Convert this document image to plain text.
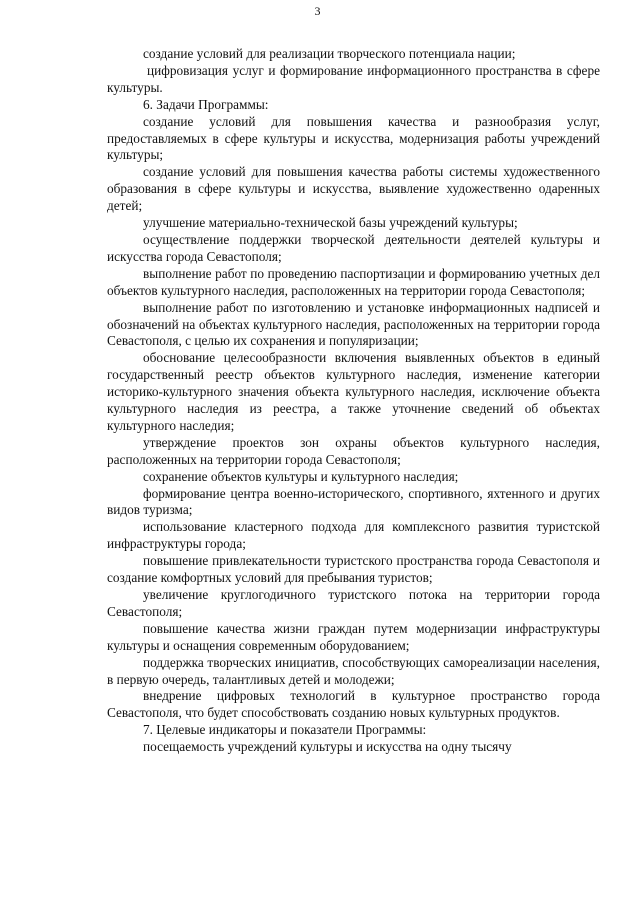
3

создание условий для реализации творческого потенциала нации;

цифровизация услуг и формирование информационного пространства в сфере культуры.

6. Задачи Программы:

создание условий для повышения качества и разнообразия услуг, предоставляемых в сфере культуры и искусства, модернизация работы учреждений культуры;

создание условий для повышения качества работы системы художественного образования в сфере культуры и искусства, выявление художественно одаренных детей;

улучшение материально-технической базы учреждений культуры;

осуществление поддержки творческой деятельности деятелей культуры и искусства города Севастополя;

выполнение работ по проведению паспортизации и формированию учетных дел объектов культурного наследия, расположенных на территории города Севастополя;

выполнение работ по изготовлению и установке информационных надписей и обозначений на объектах культурного наследия, расположенных на территории города Севастополя, с целью их сохранения и популяризации;

обоснование целесообразности включения выявленных объектов в единый государственный реестр объектов культурного наследия, изменение категории историко-культурного значения объекта культурного наследия, исключение объекта культурного наследия из реестра, а также уточнение сведений об объектах культурного наследия;

утверждение проектов зон охраны объектов культурного наследия, расположенных на территории города Севастополя;

сохранение объектов культуры и культурного наследия;

формирование центра военно-исторического, спортивного, яхтенного и других видов туризма;

использование кластерного подхода для комплексного развития туристской инфраструктуры города;

повышение привлекательности туристского пространства города Севастополя и создание комфортных условий для пребывания туристов;

увеличение круглогодичного туристского потока на территории города Севастополя;

повышение качества жизни граждан путем модернизации инфраструктуры культуры и оснащения современным оборудованием;

поддержка творческих инициатив, способствующих самореализации населения, в первую очередь, талантливых детей и молодежи;

внедрение цифровых технологий в культурное пространство города Севастополя, что будет способствовать созданию новых культурных продуктов.

7. Целевые индикаторы и показатели Программы:

посещаемость учреждений культуры и искусства на одну тысячу
